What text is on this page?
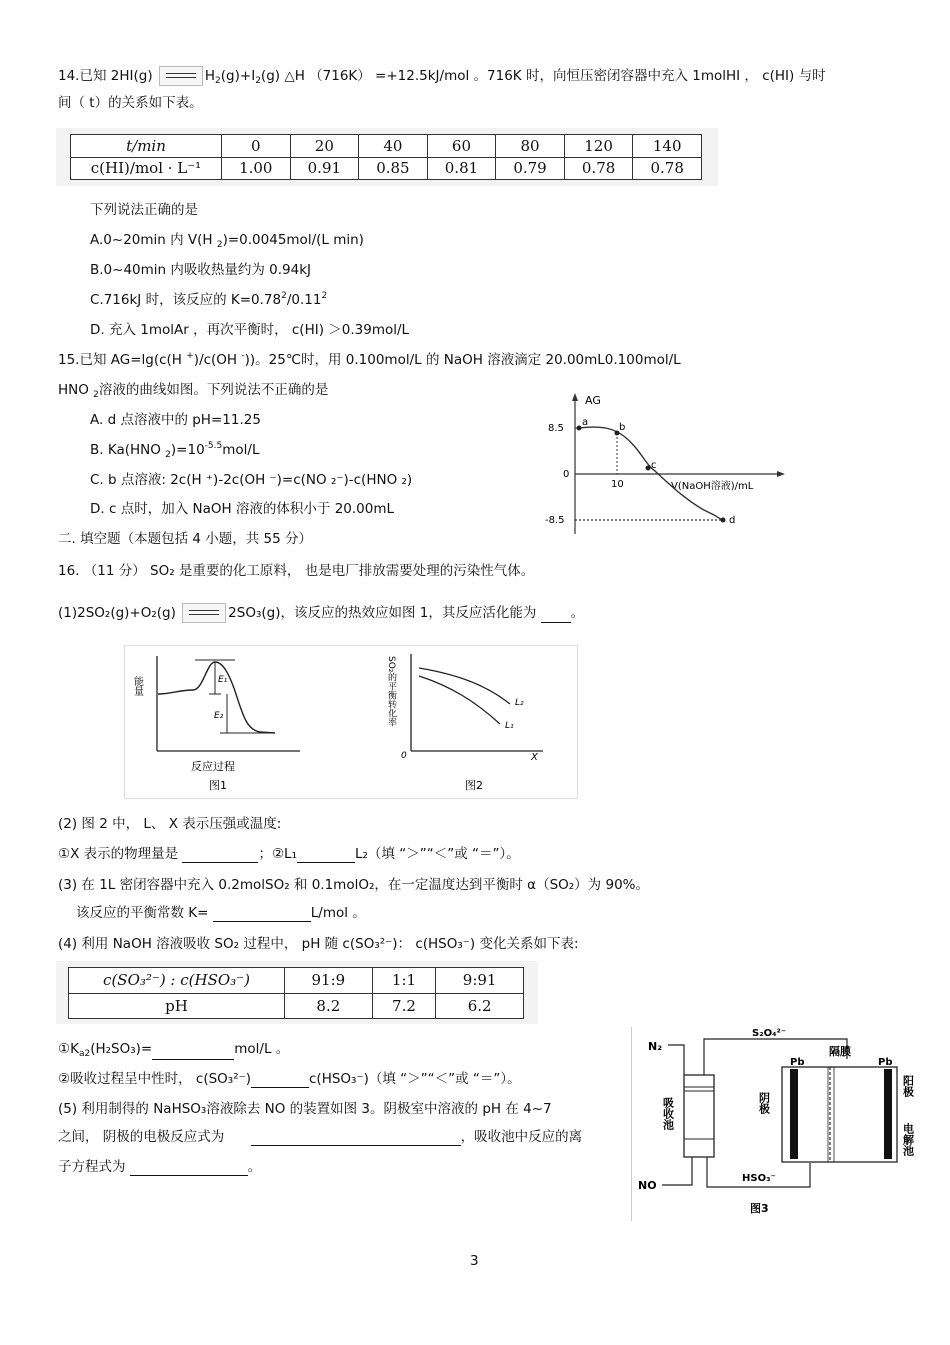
14.已知 2HI(g)	$H_2(g)+I_2(g)$ △H （716K） =+12.5kJ/mol 。716K 时，向恒压密闭容器中充入 1molHI ， c(HI) 与时
间（ t）的关系如下表。
t/min	0	20	40	60	80	120	140
c(HI)/mol · L⁻¹	1.00	0.91	0.85	0.81	0.79	0.78	0.78
下列说法正确的是
A.0~20min 内 V(H $_2$)=0.0045mol/(L min)
B.0~40min 内吸收热量约为 0.94kJ
C.716kJ 时，该反应的 $K=0.78^2/0.11^2$
D. 充入 1molAr ，再次平衡时， c(HI) ＞0.39mol/L
15.已知 AG=lg(c(H +)/c(OH -))。25℃时，用 0.100mol/L 的 NaOH 溶液滴定 20.00mL0.100mol/L
HNO $_2$溶液的曲线如图。下列说法不正确的是
A. d 点溶液中的 pH=11.25
B. Ka(HNO $_2)=10^{-5.5}mol/L$
C. b 点溶液: 2c(H ⁺)-2c(OH ⁻)=c(NO ₂⁻)-c(HNO ₂)
D. c 点时，加入 NaOH 溶液的体积小于 20.00mL
AG
8.5
0
-8.5
10	V(NaOH溶液)/mL
a	b
c
d
二. 填空题（本题包括 4 小题，共 55 分）
16. （11 分） SO₂ 是重要的化工原料， 也是电厂排放需要处理的污染性气体。
(1)2SO₂(g)+O₂(g)	2SO₃(g)，该反应的热效应如图 1，其反应活化能为	。
能量	E₁
E₂
反应过程
图1
SO₂的平衡转化率
0	X
L₂
L₁
图2
(2) 图 2 中， L、 X 表示压强或温度:
①X 表示的物理量是	；②L₁	L₂（填 “＞”“＜”或 “＝”）。
(3) 在 1L 密闭容器中充入 0.2molSO₂ 和 0.1molO₂，在一定温度达到平衡时 α（SO₂）为 90%。
该反应的平衡常数 K=	L/mol 。
(4) 利用 NaOH 溶液吸收 SO₂ 过程中， pH 随 c(SO₃²⁻)： c(HSO₃⁻) 变化关系如下表:
c(SO₃²⁻) : c(HSO₃⁻)	91:9	1:1	9:91
pH	8.2	7.2	6.2
$①K_{a2}(H_2SO_3)=$	mol/L 。
②吸收过程呈中性时， c(SO₃²⁻)	c(HSO₃⁻)（填 “＞”“＜”或 “＝”）。
(5) 利用制得的 NaHSO₃溶液除去 NO 的装置如图 3。阴极室中溶液的 pH 在 4~7
之间， 阴极的电极反应式为	，吸收池中反应的离
子方程式为	。
N₂
S₂O₄²⁻
吸收池
NO
HSO₃⁻
Pb	Pb
隔膜
阴极
阳极
电解池
图3
3
